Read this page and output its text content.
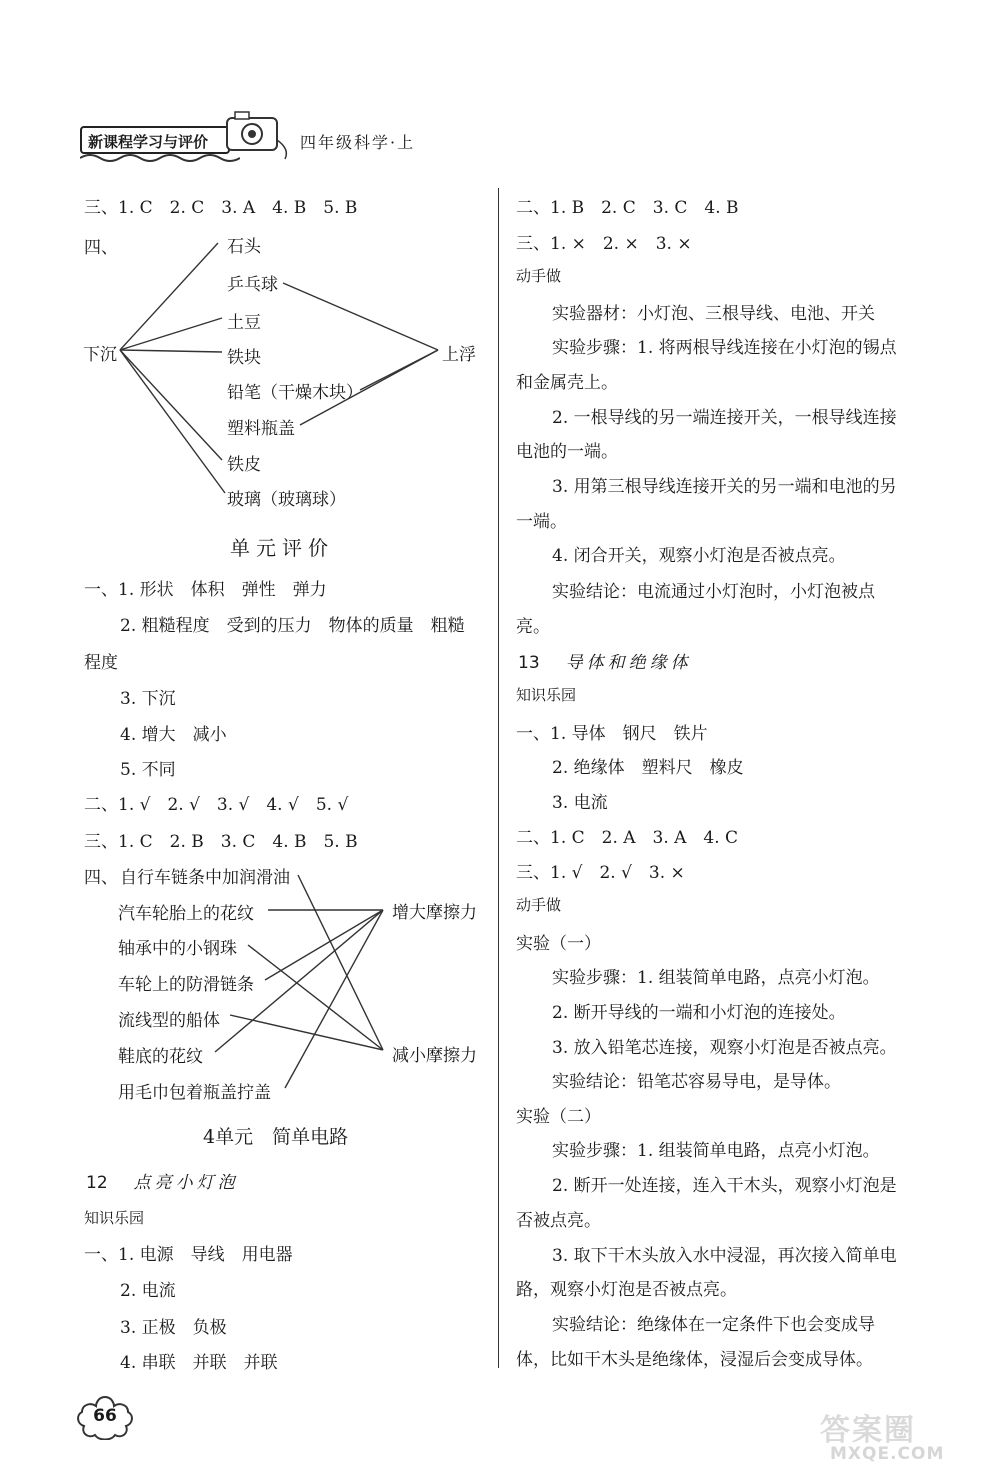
新课程学习与评价	四年级科学·上
三、1. C　2. C　3. A　4. B　5. B
四、
下沉	上浮
石头
乒乓球
土豆
铁块
铅笔（干燥木块）
塑料瓶盖
铁皮
玻璃（玻璃球）
单元评价
一、1. 形状　体积　弹性　弹力
2. 粗糙程度　受到的压力　物体的质量　粗糙
程度
3. 下沉
4. 增大　减小
5. 不同
二、1. √　2. √　3. √　4. √　5. √
三、1. C　2. B　3. C　4. B　5. B
四、 自行车链条中加润滑油
汽车轮胎上的花纹
轴承中的小钢珠
车轮上的防滑链条
流线型的船体
鞋底的花纹
用毛巾包着瓶盖拧盖
增大摩擦力
减小摩擦力
4单元　简单电路
12 点亮小灯泡
知识乐园
一、1. 电源　导线　用电器
2. 电流
3. 正极　负极
4. 串联　并联　并联
二、1. B　2. C　3. C　4. B
三、1. ×　2. ×　3. ×
动手做
实验器材：小灯泡、三根导线、电池、开关
实验步骤：1. 将两根导线连接在小灯泡的锡点
和金属壳上。
2. 一根导线的另一端连接开关，一根导线连接
电池的一端。
3. 用第三根导线连接开关的另一端和电池的另
一端。
4. 闭合开关，观察小灯泡是否被点亮。
实验结论：电流通过小灯泡时，小灯泡被点
亮。
13 导体和绝缘体
知识乐园
一、1. 导体　钢尺　铁片
2. 绝缘体　塑料尺　橡皮
3. 电流
二、1. C　2. A　3. A　4. C
三、1. √　2. √　3. ×
动手做
实验（一）
实验步骤：1. 组装简单电路，点亮小灯泡。
2. 断开导线的一端和小灯泡的连接处。
3. 放入铅笔芯连接，观察小灯泡是否被点亮。
实验结论：铅笔芯容易导电，是导体。
实验（二）
实验步骤：1. 组装简单电路，点亮小灯泡。
2. 断开一处连接，连入干木头，观察小灯泡是
否被点亮。
3. 取下干木头放入水中浸湿，再次接入简单电
路，观察小灯泡是否被点亮。
实验结论：绝缘体在一定条件下也会变成导
体，比如干木头是绝缘体，浸湿后会变成导体。
66	答案圈
MXQE.COM
